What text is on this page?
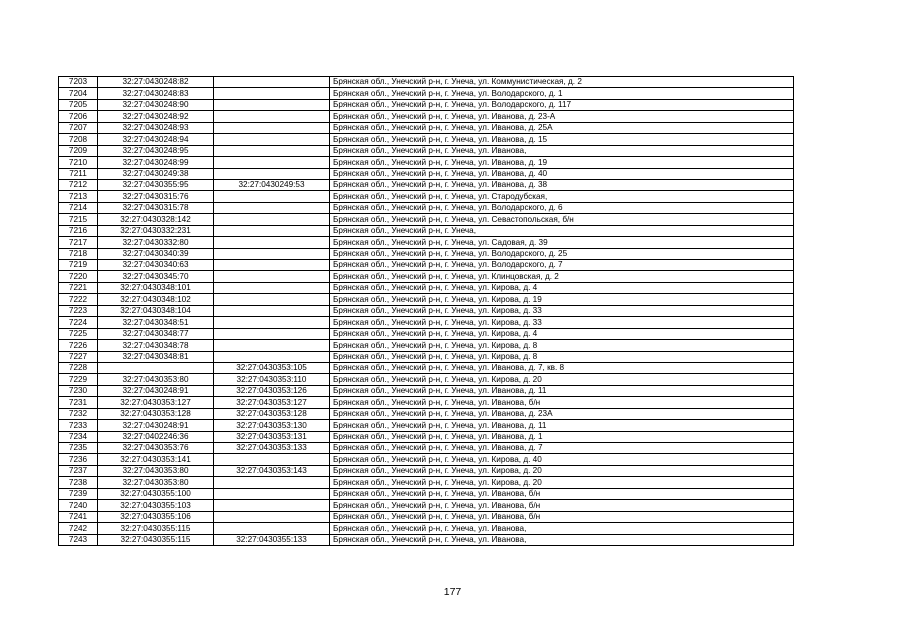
7203	32:27:0430248:82		Брянская обл., Унечский р-н, г. Унеча, ул. Коммунистическая, д. 2
7204	32:27:0430248:83		Брянская обл., Унечский р-н, г. Унеча, ул. Володарского, д. 1
7205	32:27:0430248:90		Брянская обл., Унечский р-н, г. Унеча, ул. Володарского, д. 117
7206	32:27:0430248:92		Брянская обл., Унечский р-н, г. Унеча, ул. Иванова, д. 23-А
7207	32:27:0430248:93		Брянская обл., Унечский р-н, г. Унеча, ул. Иванова, д. 25А
7208	32:27:0430248:94		Брянская обл., Унечский р-н, г. Унеча, ул. Иванова, д. 15
7209	32:27:0430248:95		Брянская обл., Унечский р-н, г. Унеча, ул. Иванова,
7210	32:27:0430248:99		Брянская обл., Унечский р-н, г. Унеча, ул. Иванова, д. 19
7211	32:27:0430249:38		Брянская обл., Унечский р-н, г. Унеча, ул. Иванова, д. 40
7212	32:27:0430355:95	32:27:0430249:53	Брянская обл., Унечский р-н, г. Унеча, ул. Иванова, д. 38
7213	32:27:0430315:76		Брянская обл., Унечский р-н, г. Унеча, ул. Стародубская,
7214	32:27:0430315:78		Брянская обл., Унечский р-н, г. Унеча, ул. Володарского, д. 6
7215	32:27:0430328:142		Брянская обл., Унечский р-н, г. Унеча, ул. Севастопольская, б/н
7216	32:27:0430332:231		Брянская обл., Унечский р-н, г. Унеча,
7217	32:27:0430332:80		Брянская обл., Унечский р-н, г. Унеча, ул. Садовая, д. 39
7218	32:27:0430340:39		Брянская обл., Унечский р-н, г. Унеча, ул. Володарского, д. 25
7219	32:27:0430340:63		Брянская обл., Унечский р-н, г. Унеча, ул. Володарского, д. 7
7220	32:27:0430345:70		Брянская обл., Унечский р-н, г. Унеча, ул. Клинцовская, д. 2
7221	32:27:0430348:101		Брянская обл., Унечский р-н, г. Унеча, ул. Кирова, д. 4
7222	32:27:0430348:102		Брянская обл., Унечский р-н, г. Унеча, ул. Кирова, д. 19
7223	32:27:0430348:104		Брянская обл., Унечский р-н, г. Унеча, ул. Кирова, д. 33
7224	32:27:0430348:51		Брянская обл., Унечский р-н, г. Унеча, ул. Кирова, д. 33
7225	32:27:0430348:77		Брянская обл., Унечский р-н, г. Унеча, ул. Кирова, д. 4
7226	32:27:0430348:78		Брянская обл., Унечский р-н, г. Унеча, ул. Кирова, д. 8
7227	32:27:0430348:81		Брянская обл., Унечский р-н, г. Унеча, ул. Кирова, д. 8
7228		32:27:0430353:105	Брянская обл., Унечский р-н, г. Унеча, ул. Иванова, д. 7, кв. 8
7229	32:27:0430353:80	32:27:0430353:110	Брянская обл., Унечский р-н, г. Унеча, ул. Кирова, д. 20
7230	32:27:0430248:91	32:27:0430353:126	Брянская обл., Унечский р-н, г. Унеча, ул. Иванова, д. 11
7231	32:27:0430353:127	32:27:0430353:127	Брянская обл., Унечский р-н, г. Унеча, ул. Иванова, б/н
7232	32:27:0430353:128	32:27:0430353:128	Брянская обл., Унечский р-н, г. Унеча, ул. Иванова, д. 23А
7233	32:27:0430248:91	32:27:0430353:130	Брянская обл., Унечский р-н, г. Унеча, ул. Иванова, д. 11
7234	32:27:0402246:36	32:27:0430353:131	Брянская обл., Унечский р-н, г. Унеча, ул. Иванова, д. 1
7235	32:27:0430353:76	32:27:0430353:133	Брянская обл., Унечский р-н, г. Унеча, ул. Иванова, д. 7
7236	32:27:0430353:141		Брянская обл., Унечский р-н, г. Унеча, ул. Кирова, д. 40
7237	32:27:0430353:80	32:27:0430353:143	Брянская обл., Унечский р-н, г. Унеча, ул. Кирова, д. 20
7238	32:27:0430353:80		Брянская обл., Унечский р-н, г. Унеча, ул. Кирова, д. 20
7239	32:27:0430355:100		Брянская обл., Унечский р-н, г. Унеча, ул. Иванова, б/н
7240	32:27:0430355:103		Брянская обл., Унечский р-н, г. Унеча, ул. Иванова, б/н
7241	32:27:0430355:106		Брянская обл., Унечский р-н, г. Унеча, ул. Иванова, б/н
7242	32:27:0430355:115		Брянская обл., Унечский р-н, г. Унеча, ул. Иванова,
7243	32:27:0430355:115	32:27:0430355:133	Брянская обл., Унечский р-н, г. Унеча, ул. Иванова,
177
